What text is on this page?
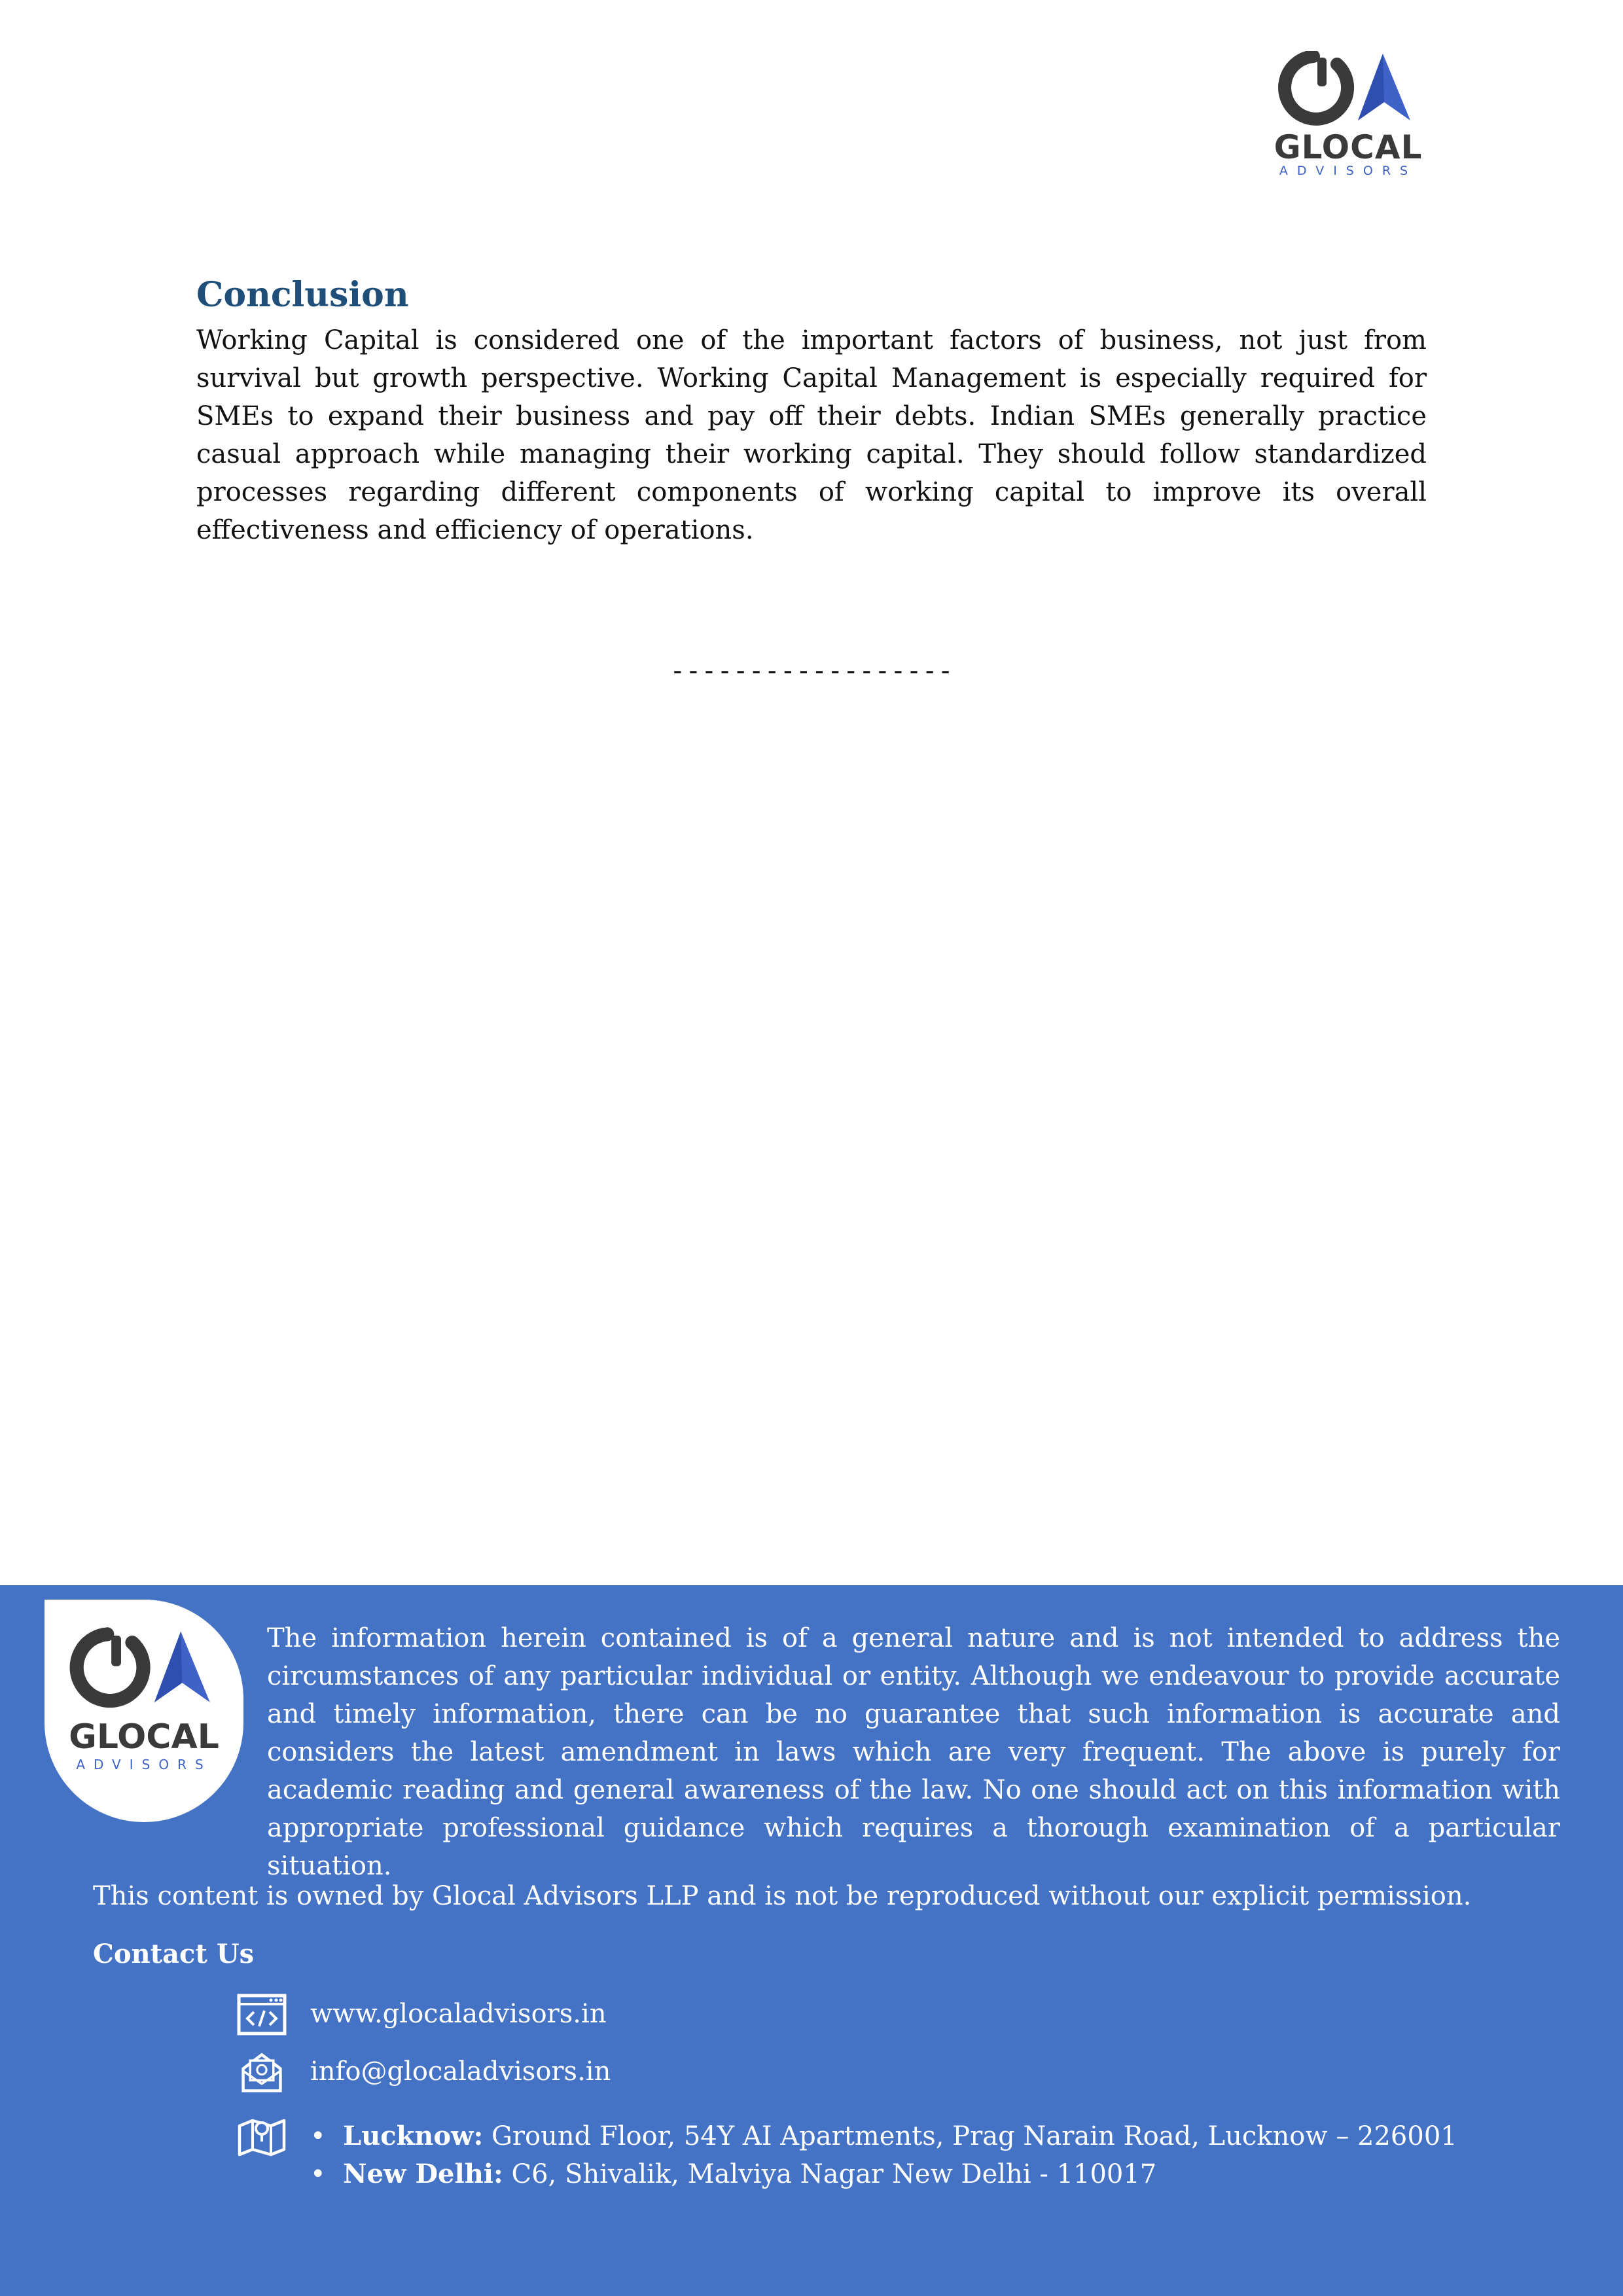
GLOCAL
ADVISORS
Conclusion

Working Capital is considered one of the important factors of business, not just from survival but growth perspective. Working Capital Management is especially required for SMEs to expand their business and pay off their debts. Indian SMEs generally practice casual approach while managing their working capital. They should follow standardized processes regarding different components of working capital to improve its overall effectiveness and efficiency of operations.

------------------
GLOCAL
ADVISORS

The information herein contained is of a general nature and is not intended to address the circumstances of any particular individual or entity. Although we endeavour to provide accurate and timely information, there can be no guarantee that such information is accurate and considers the latest amendment in laws which are very frequent. The above is purely for academic reading and general awareness of the law. No one should act on this information with appropriate professional guidance which requires a thorough examination of a particular situation.

This content is owned by Glocal Advisors LLP and is not be reproduced without our explicit permission.

Contact Us
www.glocaladvisors.in
info@glocaladvisors.in
• Lucknow: Ground Floor, 54Y AI Apartments, Prag Narain Road, Lucknow – 226001
• New Delhi: C6, Shivalik, Malviya Nagar New Delhi - 110017
